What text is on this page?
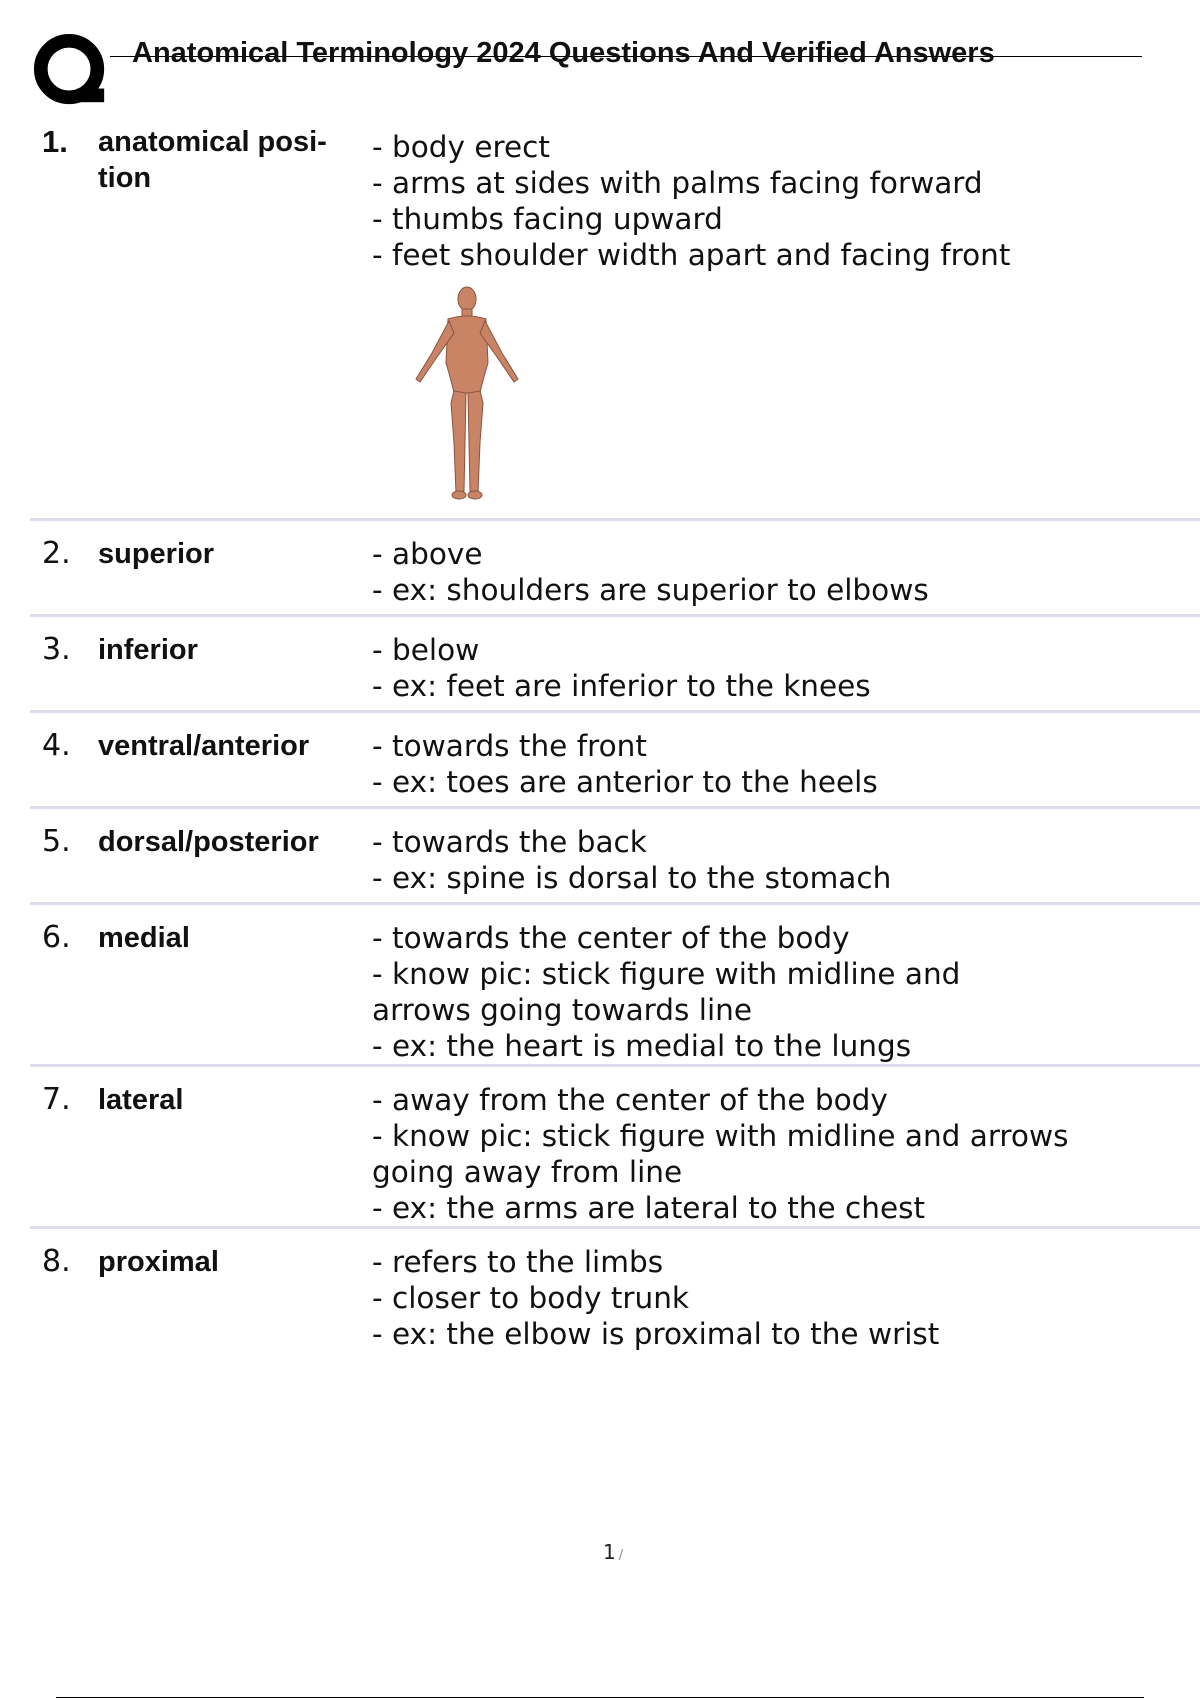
Anatomical Terminology 2024 Questions And Verified Answers
1.	anatomical posi-
tion
- body erect
- arms at sides with palms facing forward
- thumbs facing upward
- feet shoulder width apart and facing front
2. superior	- above
- ex: shoulders are superior to elbows
3. inferior	- below
- ex: feet are inferior to the knees
4. ventral/anterior	- towards the front
- ex: toes are anterior to the heels
5. dorsal/posterior	- towards the back
- ex: spine is dorsal to the stomach
6. medial	- towards the center of the body
- know pic: stick figure with midline and
arrows going towards line
- ex: the heart is medial to the lungs
7. lateral	- away from the center of the body
- know pic: stick figure with midline and arrows
going away from line
- ex: the arms are lateral to the chest
8. proximal	- refers to the limbs
- closer to body trunk
- ex: the elbow is proximal to the wrist
1 /
